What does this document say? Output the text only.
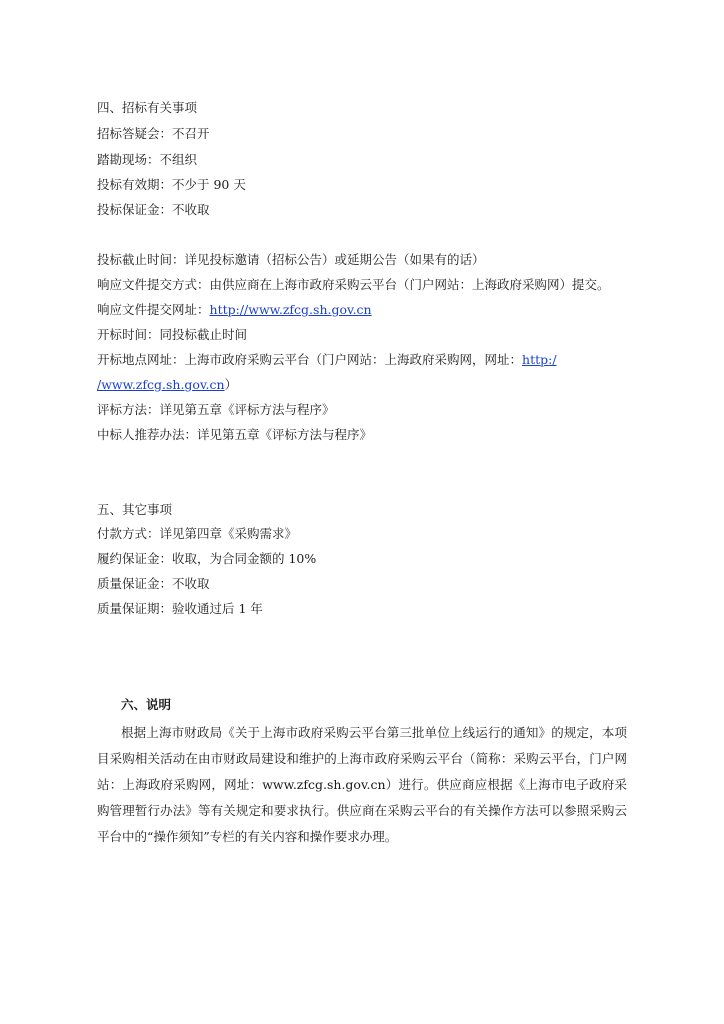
四、招标有关事项
招标答疑会：不召开
踏勘现场：不组织
投标有效期：不少于 90 天
投标保证金：不收取
投标截止时间：详见投标邀请（招标公告）或延期公告（如果有的话）
响应文件提交方式：由供应商在上海市政府采购云平台（门户网站：上海政府采购网）提交。
响应文件提交网址：http://www.zfcg.sh.gov.cn
开标时间：同投标截止时间
开标地点网址：上海市政府采购云平台（门户网站：上海政府采购网，网址：http:/
/www.zfcg.sh.gov.cn）
评标方法：详见第五章《评标方法与程序》
中标人推荐办法：详见第五章《评标方法与程序》
五、其它事项
付款方式：详见第四章《采购需求》
履约保证金：收取，为合同金额的 10%
质量保证金：不收取
质量保证期：验收通过后 1 年
六、说明
根据上海市财政局《关于上海市政府采购云平台第三批单位上线运行的通知》的规定，本项目采购相关活动在由市财政局建设和维护的上海市政府采购云平台（简称：采购云平台，门户网站：上海政府采购网，网址：www.zfcg.sh.gov.cn）进行。供应商应根据《上海市电子政府采购管理暂行办法》等有关规定和要求执行。供应商在采购云平台的有关操作方法可以参照采购云平台中的“操作须知”专栏的有关内容和操作要求办理。
